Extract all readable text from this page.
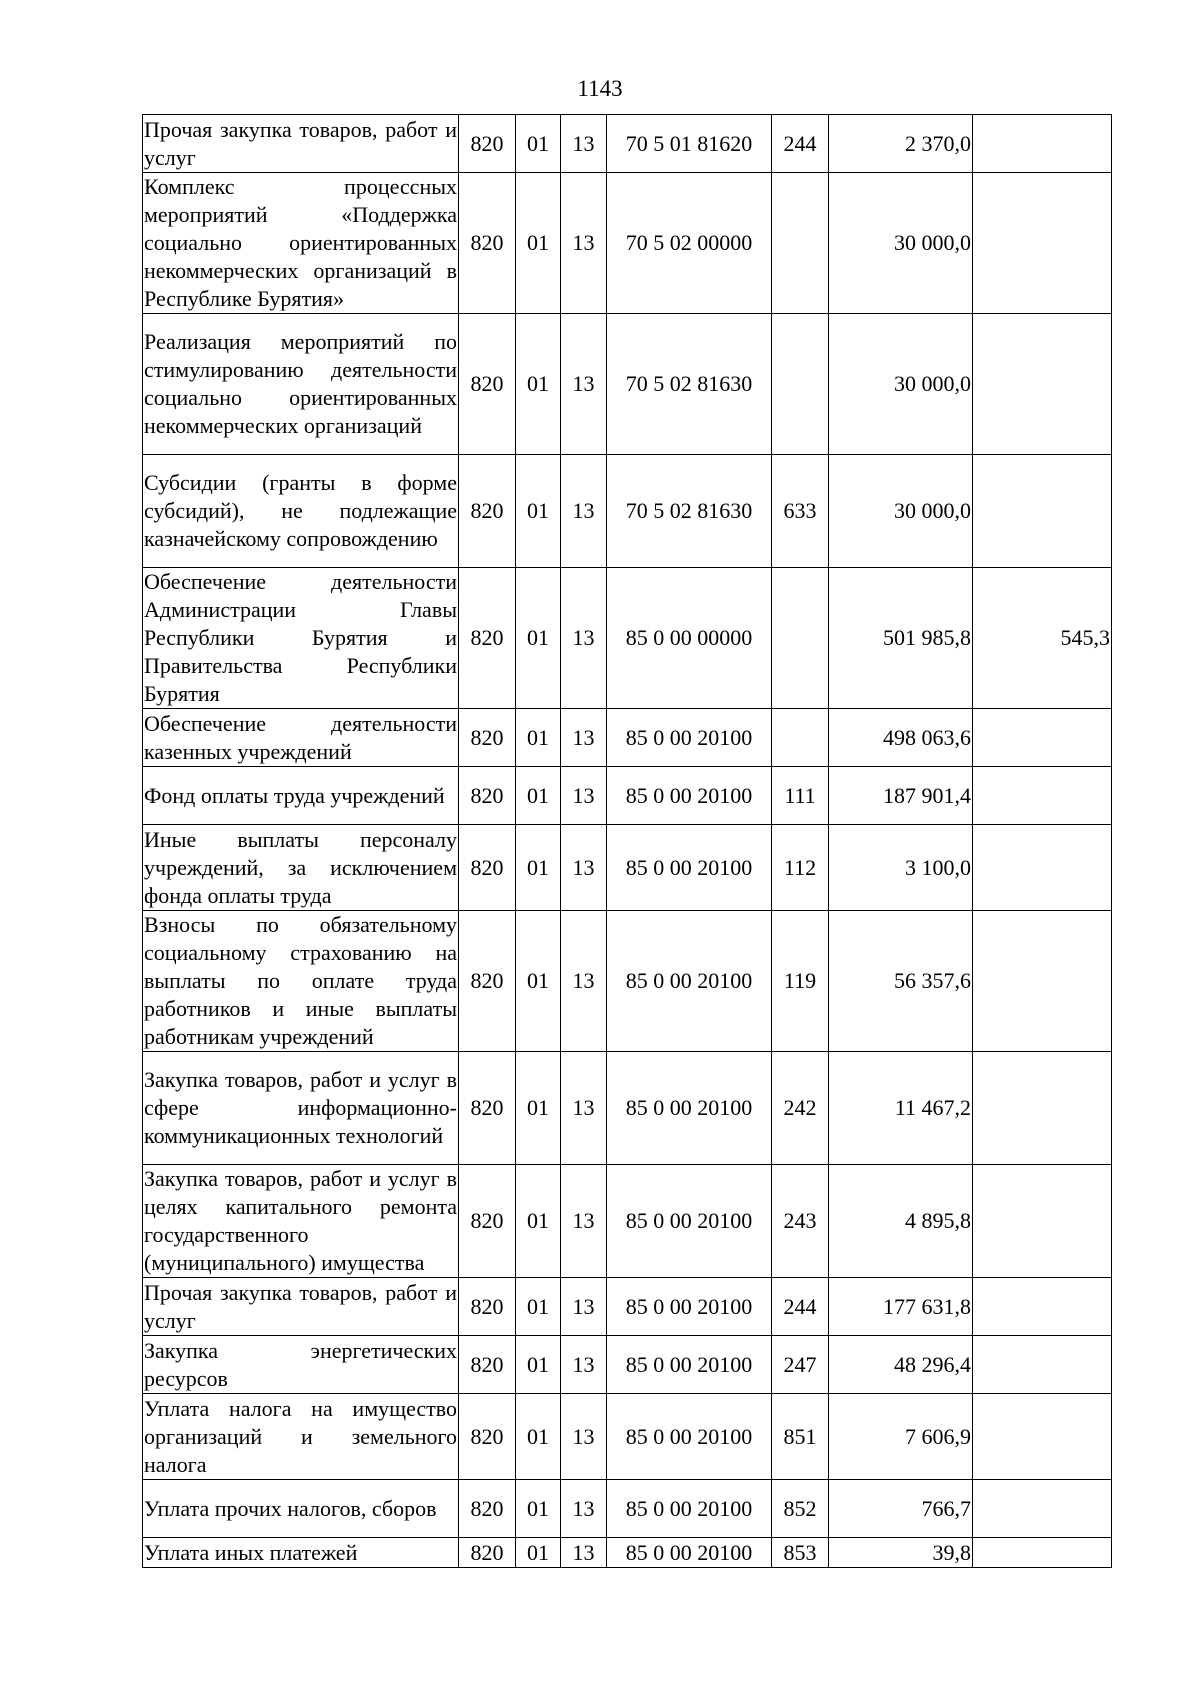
1143
Прочая закупка товаров, работ и услуг	820	01	13	70 5 01 81620	244	2 370,0	
Комплекс процессных мероприятий «Поддержка социально ориентированных некоммерческих организаций в Республике Бурятия»	820	01	13	70 5 02 00000		30 000,0	
Реализация мероприятий по стимулированию деятельности социально ориентированных некоммерческих организаций	820	01	13	70 5 02 81630		30 000,0	
Субсидии (гранты в форме субсидий), не подлежащие казначейскому сопровождению	820	01	13	70 5 02 81630	633	30 000,0	
Обеспечение деятельности Администрации Главы Республики Бурятия и Правительства Республики Бурятия	820	01	13	85 0 00 00000		501 985,8	545,3
Обеспечение деятельности казенных учреждений	820	01	13	85 0 00 20100		498 063,6	
Фонд оплаты труда учреждений	820	01	13	85 0 00 20100	111	187 901,4	
Иные выплаты персоналу учреждений, за исключением фонда оплаты труда	820	01	13	85 0 00 20100	112	3 100,0	
Взносы по обязательному социальному страхованию на выплаты по оплате труда работников и иные выплаты работникам учреждений	820	01	13	85 0 00 20100	119	56 357,6	
Закупка товаров, работ и услуг в сфере информационно-коммуникационных технологий	820	01	13	85 0 00 20100	242	11 467,2	
Закупка товаров, работ и услуг в целях капитального ремонта государственного (муниципального) имущества	820	01	13	85 0 00 20100	243	4 895,8	
Прочая закупка товаров, работ и услуг	820	01	13	85 0 00 20100	244	177 631,8	
Закупка энергетических ресурсов	820	01	13	85 0 00 20100	247	48 296,4	
Уплата налога на имущество организаций и земельного налога	820	01	13	85 0 00 20100	851	7 606,9	
Уплата прочих налогов, сборов	820	01	13	85 0 00 20100	852	766,7	
Уплата иных платежей	820	01	13	85 0 00 20100	853	39,8	
